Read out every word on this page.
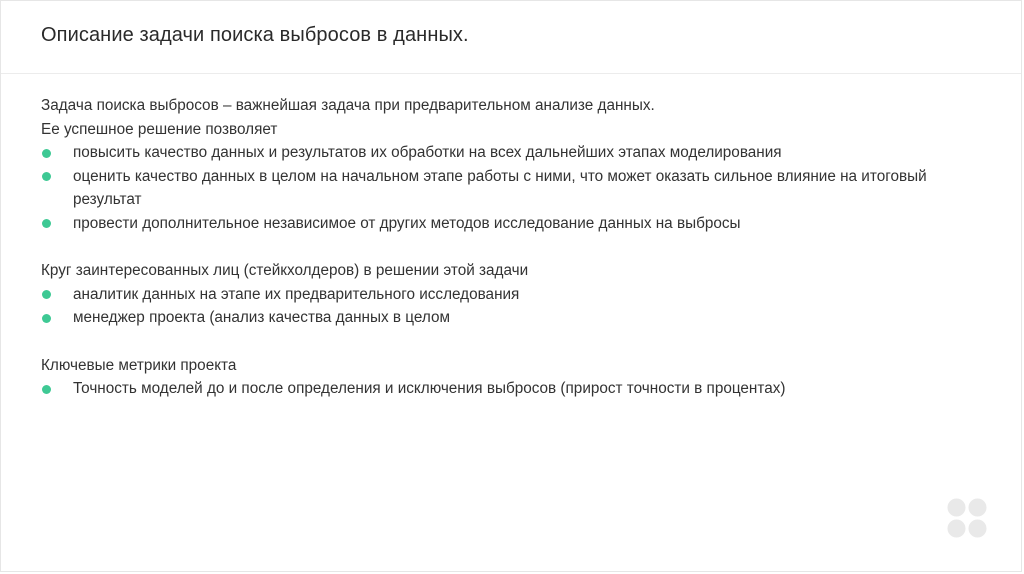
Описание задачи поиска выбросов в данных.

Задача поиска выбросов – важнейшая задача при предварительном анализе данных.

Ее успешное решение позволяет

повысить качество данных и результатов их обработки на всех дальнейших этапах моделирования
оценить качество данных в целом на начальном этапе работы с ними, что может оказать сильное влияние на итоговый результат
провести дополнительное независимое от других методов исследование данных на выбросы

Круг заинтересованных лиц (стейкхолдеров) в решении этой задачи

аналитик данных на этапе их предварительного исследования
менеджер проекта (анализ качества данных в целом

Ключевые метрики проекта

Точность моделей до и после определения и исключения выбросов (прирост точности в процентах)
